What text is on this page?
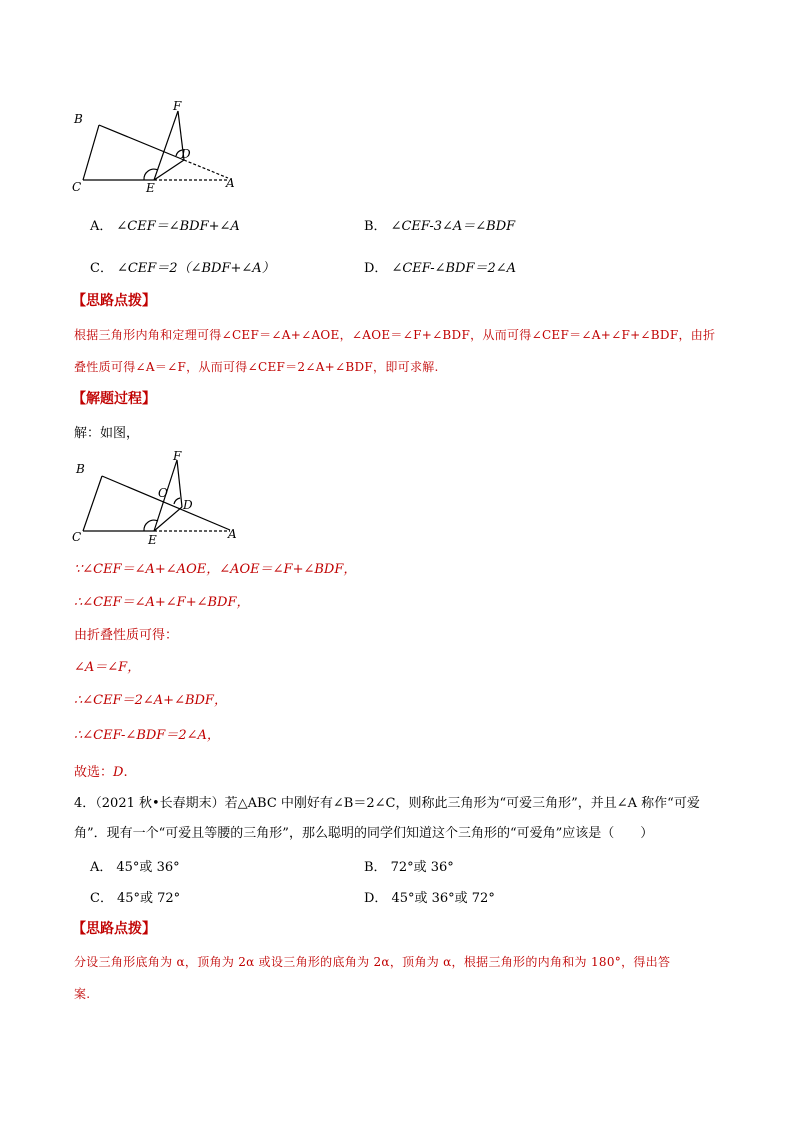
B
F
D
C	E	A
A． ∠CEF＝∠BDF+∠A	B． ∠CEF-3∠A＝∠BDF
C． ∠CEF＝2（∠BDF+∠A）	D． ∠CEF-∠BDF＝2∠A
【思路点拨】
根据三角形内角和定理可得∠CEF＝∠A+∠AOE，∠AOE＝∠F+∠BDF，从而可得∠CEF＝∠A+∠F+∠BDF，由折
叠性质可得∠A＝∠F，从而可得∠CEF＝2∠A+∠BDF，即可求解.
【解题过程】
解：如图，
B
F
O
D
C	E	A
∵∠CEF＝∠A+∠AOE，∠AOE＝∠F+∠BDF，
∴∠CEF＝∠A+∠F+∠BDF，
由折叠性质可得：
∠A＝∠F，
∴∠CEF＝2∠A+∠BDF，
∴∠CEF-∠BDF＝2∠A，
故选：D.
4．（2021 秋•长春期末）若△ABC 中刚好有∠B＝2∠C，则称此三角形为“可爱三角形”，并且∠A 称作“可爱
角”．现有一个“可爱且等腰的三角形”，那么聪明的同学们知道这个三角形的“可爱角”应该是（　　）
A． 45°或 36°	B． 72°或 36°
C． 45°或 72°	D． 45°或 36°或 72°
【思路点拨】
分设三角形底角为 α，顶角为 2α 或设三角形的底角为 2α，顶角为 α，根据三角形的内角和为 180°，得出答
案.
